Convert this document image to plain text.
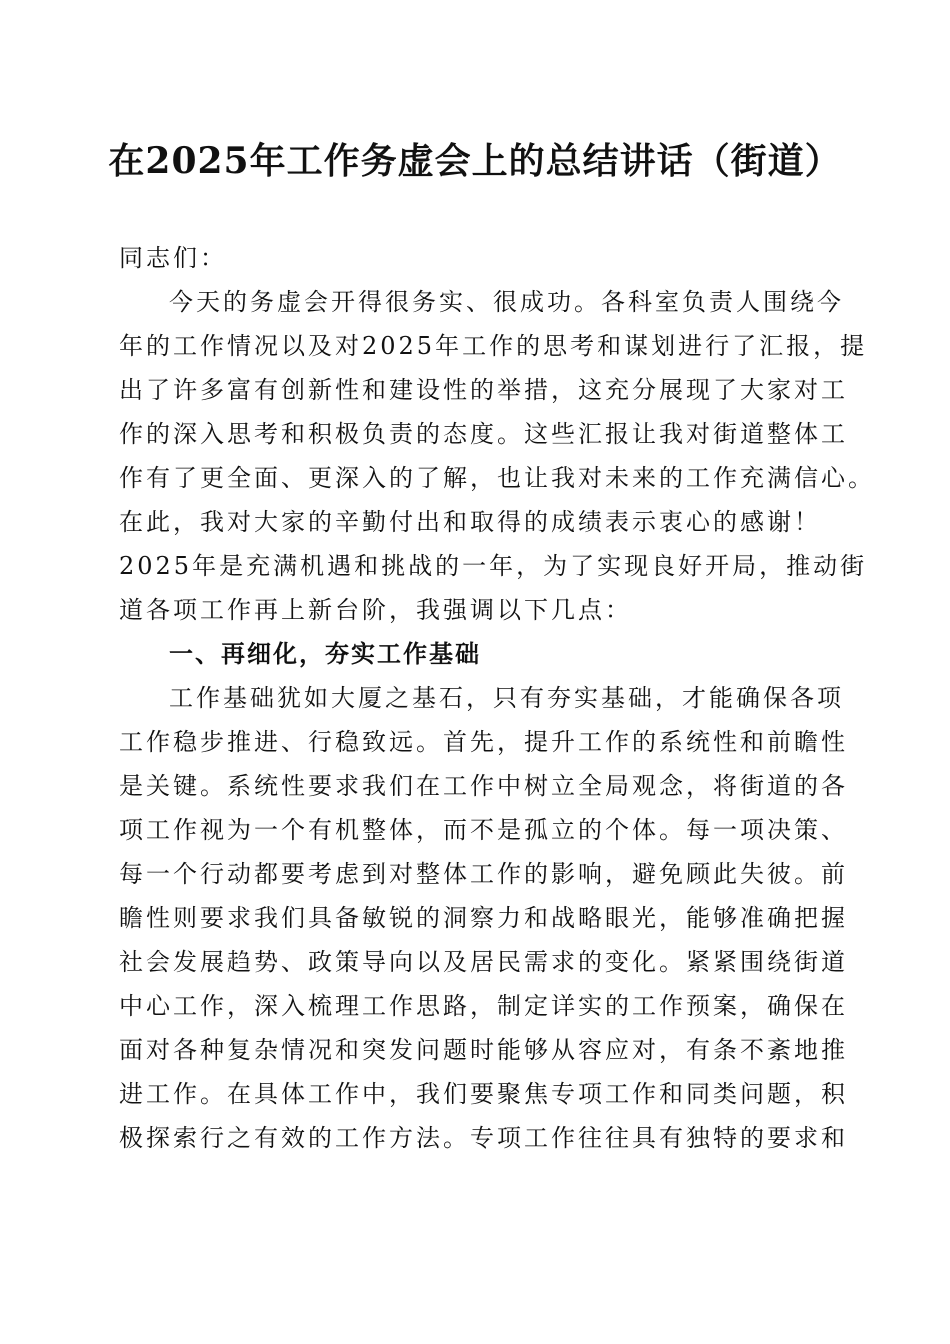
在2025年工作务虚会上的总结讲话（街道）
同志们：
今天的务虚会开得很务实、很成功。各科室负责人围绕今
年的工作情况以及对2025年工作的思考和谋划进行了汇报，提
出了许多富有创新性和建设性的举措，这充分展现了大家对工
作的深入思考和积极负责的态度。这些汇报让我对街道整体工
作有了更全面、更深入的了解，也让我对未来的工作充满信心。
在此，我对大家的辛勤付出和取得的成绩表示衷心的感谢！
2025年是充满机遇和挑战的一年，为了实现良好开局，推动街
道各项工作再上新台阶，我强调以下几点：
一、再细化，夯实工作基础
工作基础犹如大厦之基石，只有夯实基础，才能确保各项
工作稳步推进、行稳致远。首先，提升工作的系统性和前瞻性
是关键。系统性要求我们在工作中树立全局观念，将街道的各
项工作视为一个有机整体，而不是孤立的个体。每一项决策、
每一个行动都要考虑到对整体工作的影响，避免顾此失彼。前
瞻性则要求我们具备敏锐的洞察力和战略眼光，能够准确把握
社会发展趋势、政策导向以及居民需求的变化。紧紧围绕街道
中心工作，深入梳理工作思路，制定详实的工作预案，确保在
面对各种复杂情况和突发问题时能够从容应对，有条不紊地推
进工作。在具体工作中，我们要聚焦专项工作和同类问题，积
极探索行之有效的工作方法。专项工作往往具有独特的要求和
